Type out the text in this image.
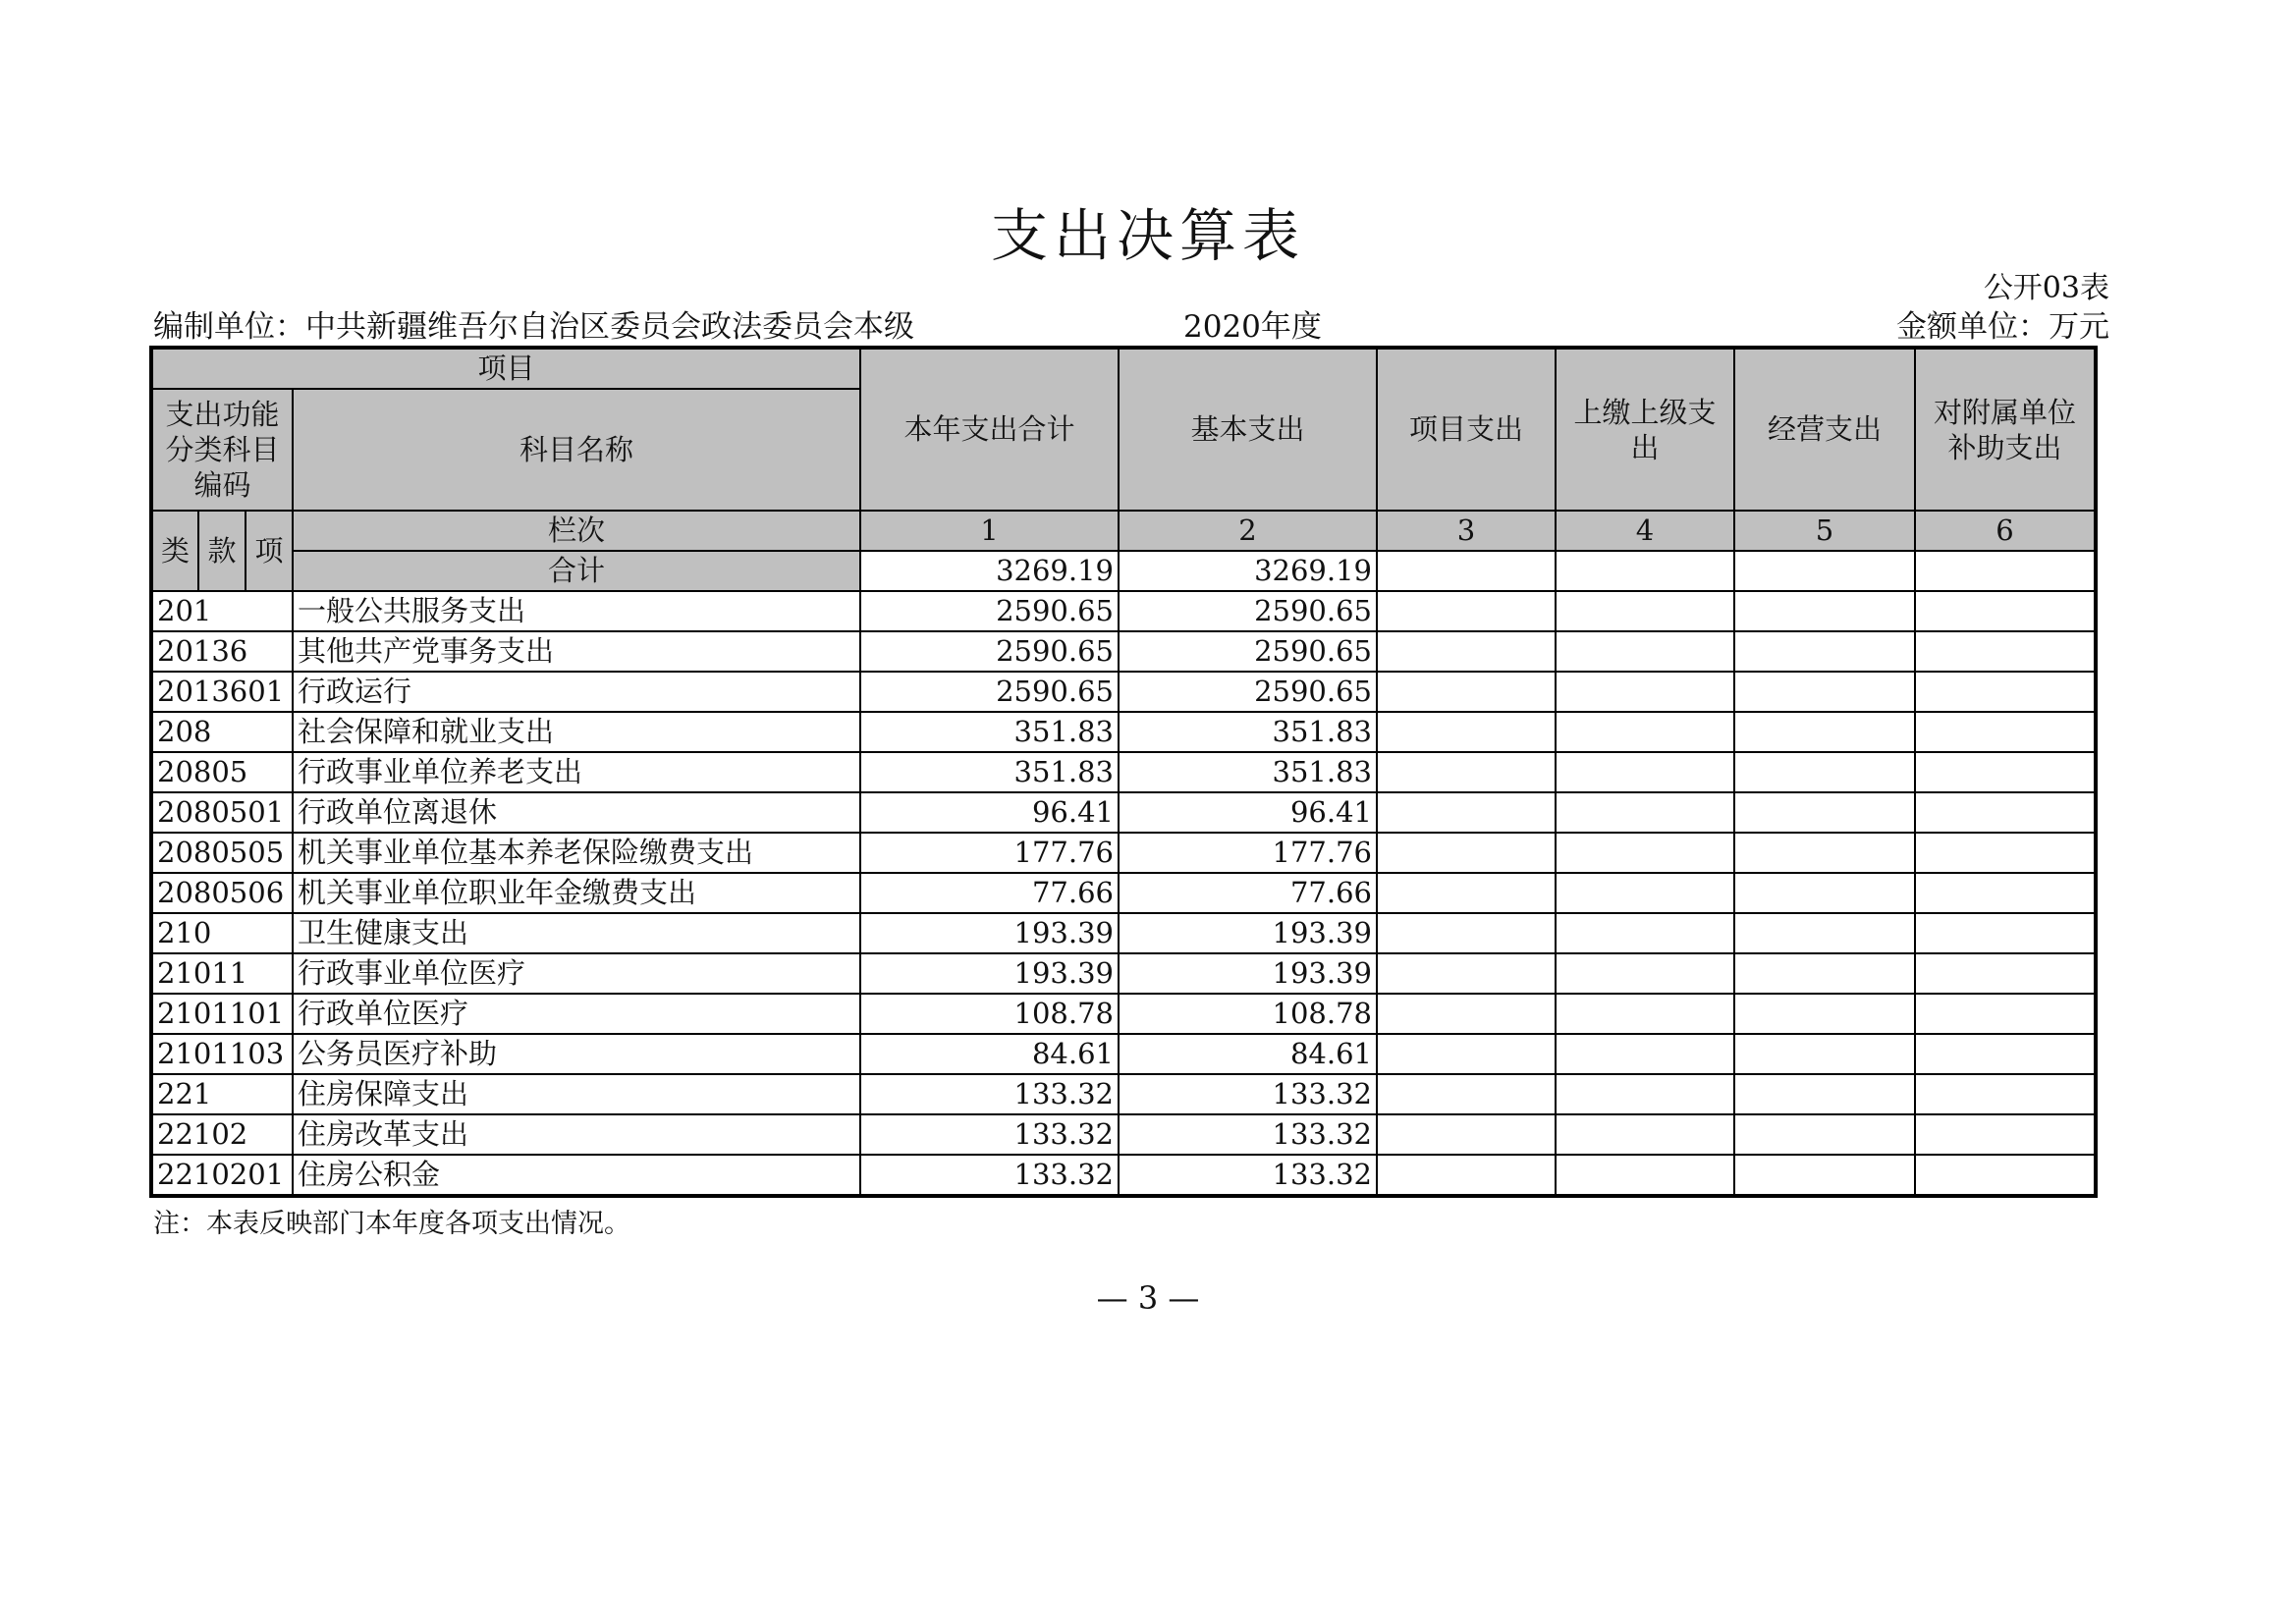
支出决算表
公开03表
编制单位：中共新疆维吾尔自治区委员会政法委员会本级	2020年度	金额单位：万元
项目				本年支出合计	基本支出	项目支出	上缴上级支出	经营支出	对附属单位补助支出
支出功能分类科目编码			科目名称						
类	款	项	栏次	1	2	3	4	5	6
			合计	3269.19	3269.19				
201			一般公共服务支出	2590.65	2590.65				
20136			其他共产党事务支出	2590.65	2590.65				
2013601			行政运行	2590.65	2590.65				
208			社会保障和就业支出	351.83	351.83				
20805			行政事业单位养老支出	351.83	351.83				
2080501			行政单位离退休	96.41	96.41				
2080505			机关事业单位基本养老保险缴费支出	177.76	177.76				
2080506			机关事业单位职业年金缴费支出	77.66	77.66				
210			卫生健康支出	193.39	193.39				
21011			行政事业单位医疗	193.39	193.39				
2101101			行政单位医疗	108.78	108.78				
2101103			公务员医疗补助	84.61	84.61				
221			住房保障支出	133.32	133.32				
22102			住房改革支出	133.32	133.32				
2210201			住房公积金	133.32	133.32				
注：本表反映部门本年度各项支出情况。
— 3 —
